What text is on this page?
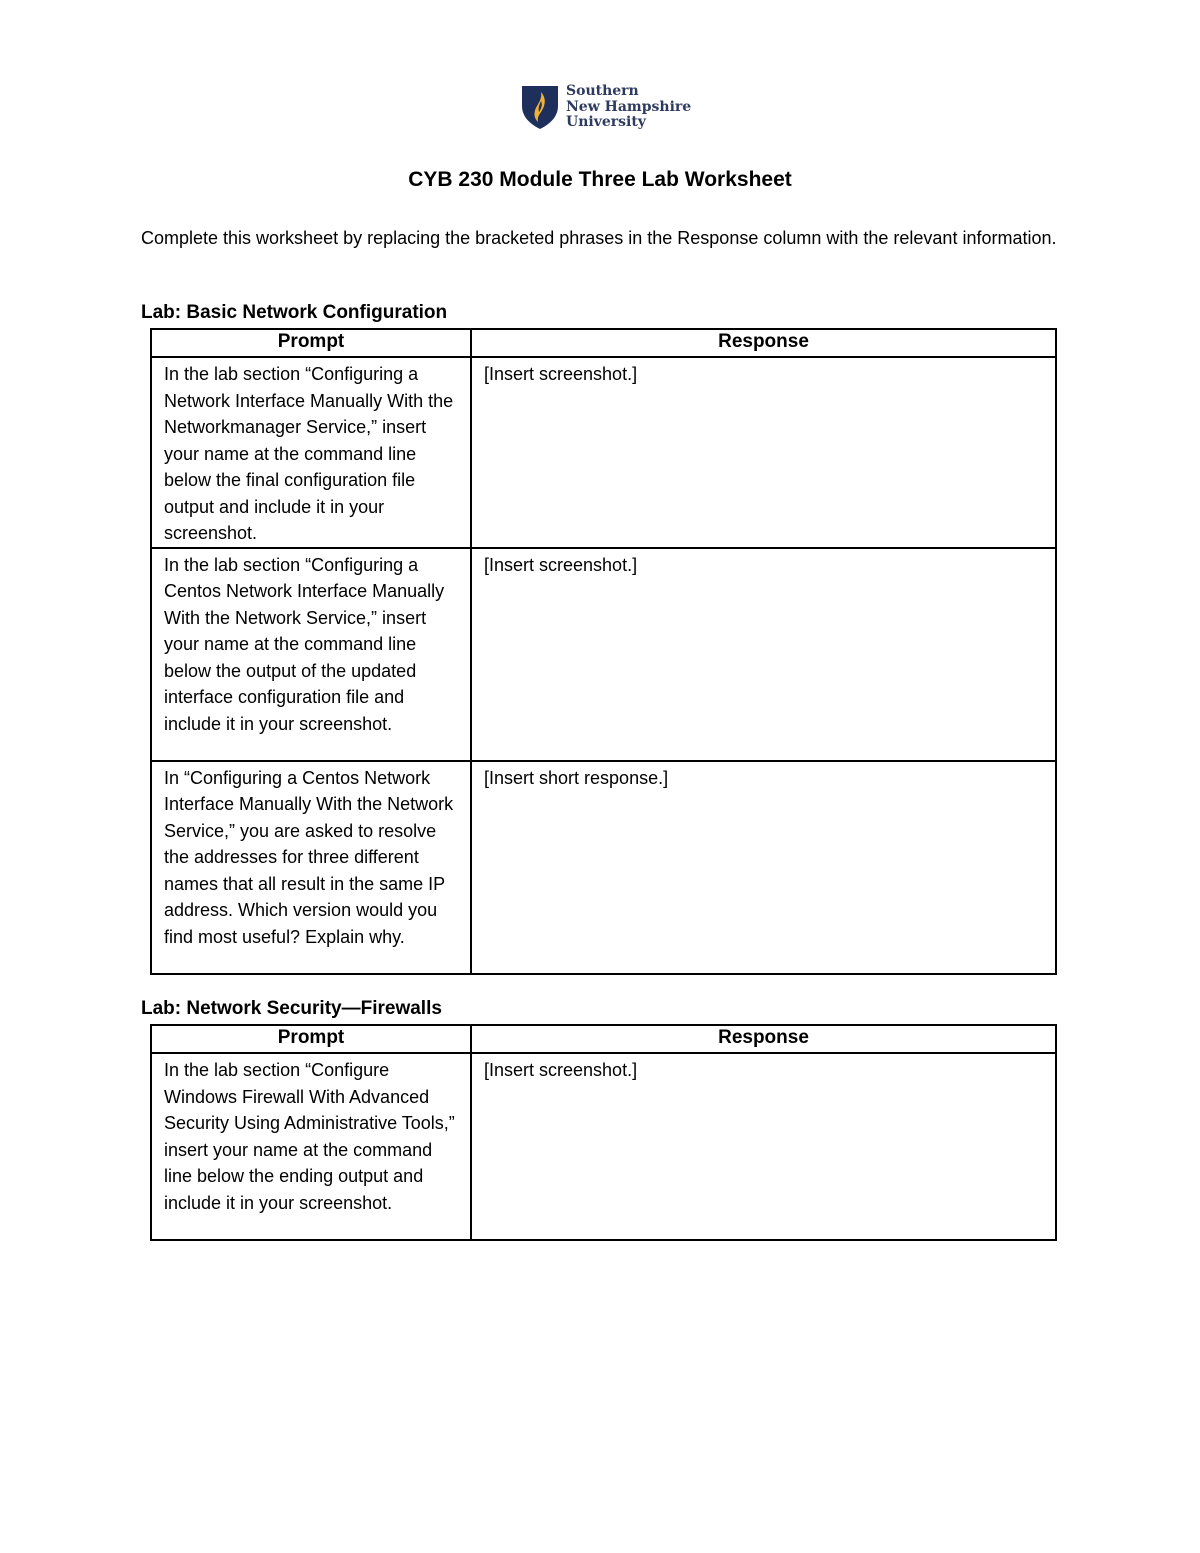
Southern
New Hampshire
University
CYB 230 Module Three Lab Worksheet
Complete this worksheet by replacing the bracketed phrases in the Response column with the relevant information.
Lab: Basic Network Configuration
Prompt	Response
In the lab section “Configuring a Network Interface Manually With the Networkmanager Service,” insert your name at the command line below the final configuration file output and include it in your screenshot.	[Insert screenshot.]
In the lab section “Configuring a Centos Network Interface Manually With the Network Service,” insert your name at the command line below the output of the updated interface configuration file and include it in your screenshot.	[Insert screenshot.]
In “Configuring a Centos Network Interface Manually With the Network Service,” you are asked to resolve the addresses for three different names that all result in the same IP address. Which version would you find most useful? Explain why.	[Insert short response.]
Lab: Network Security—Firewalls
Prompt	Response
In the lab section “Configure Windows Firewall With Advanced Security Using Administrative Tools,” insert your name at the command line below the ending output and include it in your screenshot.	[Insert screenshot.]
